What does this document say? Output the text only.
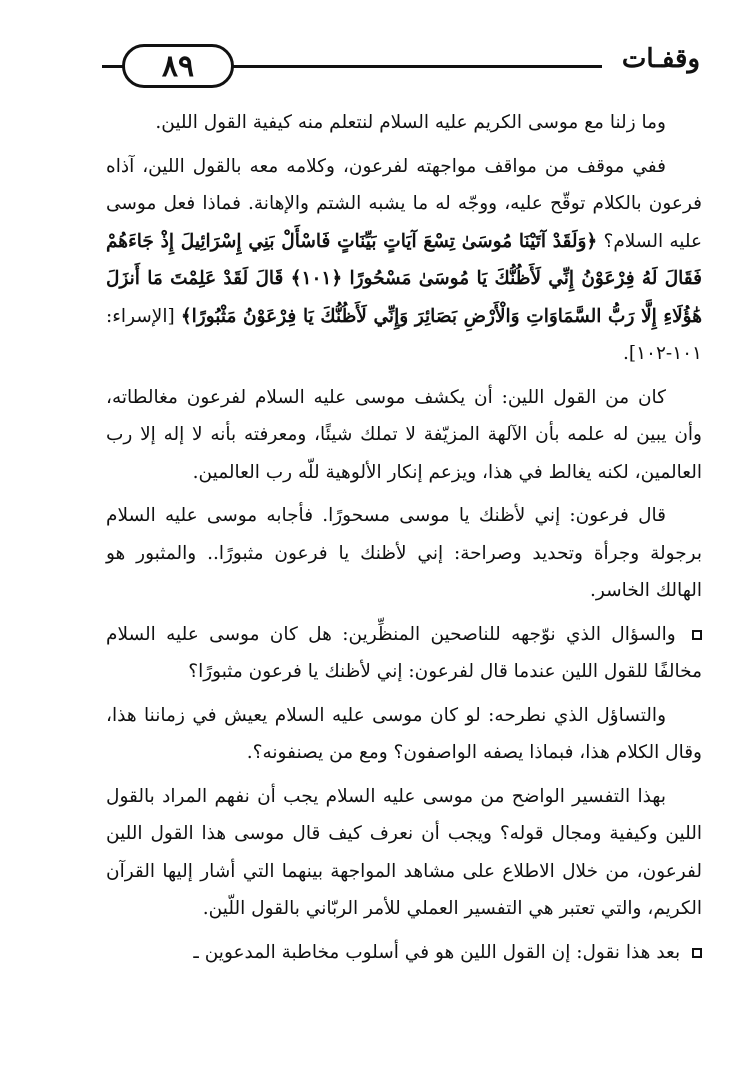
٨٩	وقفـات

وما زلنا مع موسى الكريم عليه السلام لنتعلم منه كيفية القول اللين.

ففي موقف من مواقف مواجهته لفرعون، وكلامه معه بالقول اللين، آذاه فرعون بالكلام توقّح عليه، ووجّه له ما يشبه الشتم والإهانة. فماذا فعل موسى عليه السلام؟ ﴿وَلَقَدْ آتَيْنَا مُوسَىٰ تِسْعَ آيَاتٍ بَيِّنَاتٍ فَاسْأَلْ بَنِي إِسْرَائِيلَ إِذْ جَاءَهُمْ فَقَالَ لَهُ فِرْعَوْنُ إِنِّي لَأَظُنُّكَ يَا مُوسَىٰ مَسْحُورًا ﴿١٠١﴾ قَالَ لَقَدْ عَلِمْتَ مَا أَنزَلَ هَٰؤُلَاءِ إِلَّا رَبُّ السَّمَاوَاتِ وَالْأَرْضِ بَصَائِرَ وَإِنِّي لَأَظُنُّكَ يَا فِرْعَوْنُ مَثْبُورًا﴾ [الإسراء: ١٠١-١٠٢].

كان من القول اللين: أن يكشف موسى عليه السلام لفرعون مغالطاته، وأن يبين له علمه بأن الآلهة المزيّفة لا تملك شيئًا، ومعرفته بأنه لا إله إلا رب العالمين، لكنه يغالط في هذا، ويزعم إنكار الألوهية للّه رب العالمين.

قال فرعون: إني لأظنك يا موسى مسحورًا. فأجابه موسى عليه السلام برجولة وجرأة وتحديد وصراحة: إني لأظنك يا فرعون مثبورًا.. والمثبور هو الهالك الخاسر.

والسؤال الذي نوّجهه للناصحين المنظِّرين: هل كان موسى عليه السلام مخالفًا للقول اللين عندما قال لفرعون: إني لأظنك يا فرعون مثبورًا؟

والتساؤل الذي نطرحه: لو كان موسى عليه السلام يعيش في زماننا هذا، وقال الكلام هذا، فبماذا يصفه الواصفون؟ ومع من يصنفونه؟.

بهذا التفسير الواضح من موسى عليه السلام يجب أن نفهم المراد بالقول اللين وكيفية ومجال قوله؟ ويجب أن نعرف كيف قال موسى هذا القول اللين لفرعون، من خلال الاطلاع على مشاهد المواجهة بينهما التي أشار إليها القرآن الكريم، والتي تعتبر هي التفسير العملي للأمر الربّاني بالقول اللّين.

بعد هذا نقول: إن القول اللين هو في أسلوب مخاطبة المدعوين ـ
